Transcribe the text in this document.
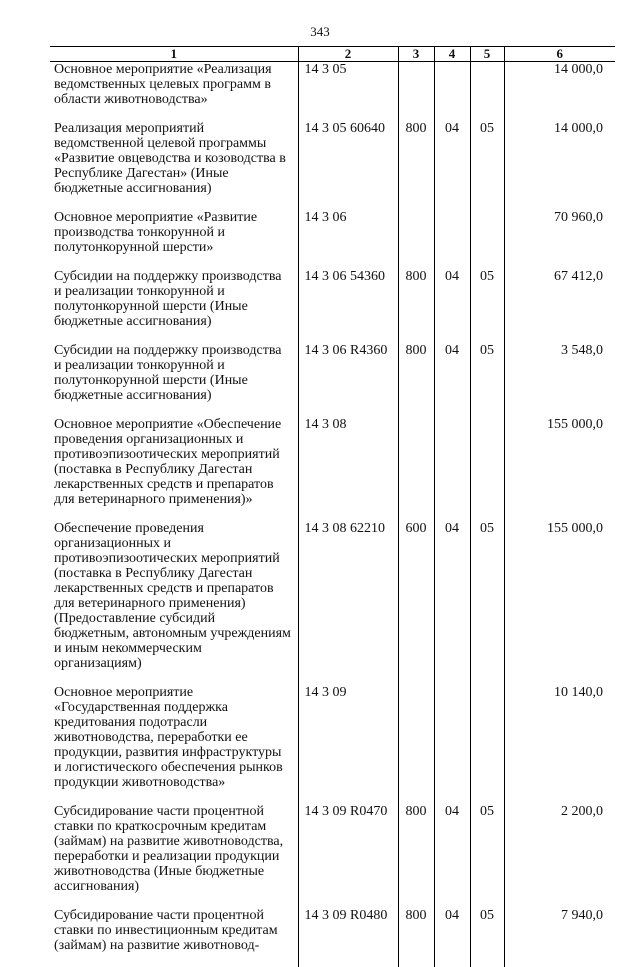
343
1	2	3	4	5	6
Основное мероприятие «Реализация ведомственных целевых программ в области животноводства»	14 3 05				14 000,0
Реализация мероприятий ведомственной целевой программы «Развитие овцеводства и козоводства в Республике Дагестан» (Иные бюджетные ассигнования)	14 3 05 60640	800	04	05	14 000,0
Основное мероприятие «Развитие производства тонкорунной и полутонкорунной шерсти»	14 3 06				70 960,0
Субсидии на поддержку производства и реализации тонкорунной и полутонкорунной шерсти (Иные бюджетные ассигнования)	14 3 06 54360	800	04	05	67 412,0
Субсидии на поддержку производства и реализации тонкорунной и полутонкорунной шерсти (Иные бюджетные ассигнования)	14 3 06 R4360	800	04	05	3 548,0
Основное мероприятие «Обеспечение проведения организационных и противоэпизоотических мероприятий (поставка в Республику Дагестан лекарственных средств и препаратов для ветеринарного применения)»	14 3 08				155 000,0
Обеспечение проведения организационных и противоэпизоотических мероприятий (поставка в Республику Дагестан лекарственных средств и препаратов для ветеринарного применения) (Предоставление субсидий бюджетным, автономным учреждениям и иным некоммерческим организациям)	14 3 08 62210	600	04	05	155 000,0
Основное мероприятие «Государственная поддержка кредитования подотрасли животноводства, переработки ее продукции, развития инфраструктуры и логистического обеспечения рынков продукции животноводства»	14 3 09				10 140,0
Субсидирование части процентной ставки по краткосрочным кредитам (займам) на развитие животноводства, переработки и реализации продукции животноводства (Иные бюджетные ассигнования)	14 3 09 R0470	800	04	05	2 200,0
Субсидирование части процентной ставки по инвестиционным кредитам (займам) на развитие животновод-	14 3 09 R0480	800	04	05	7 940,0
